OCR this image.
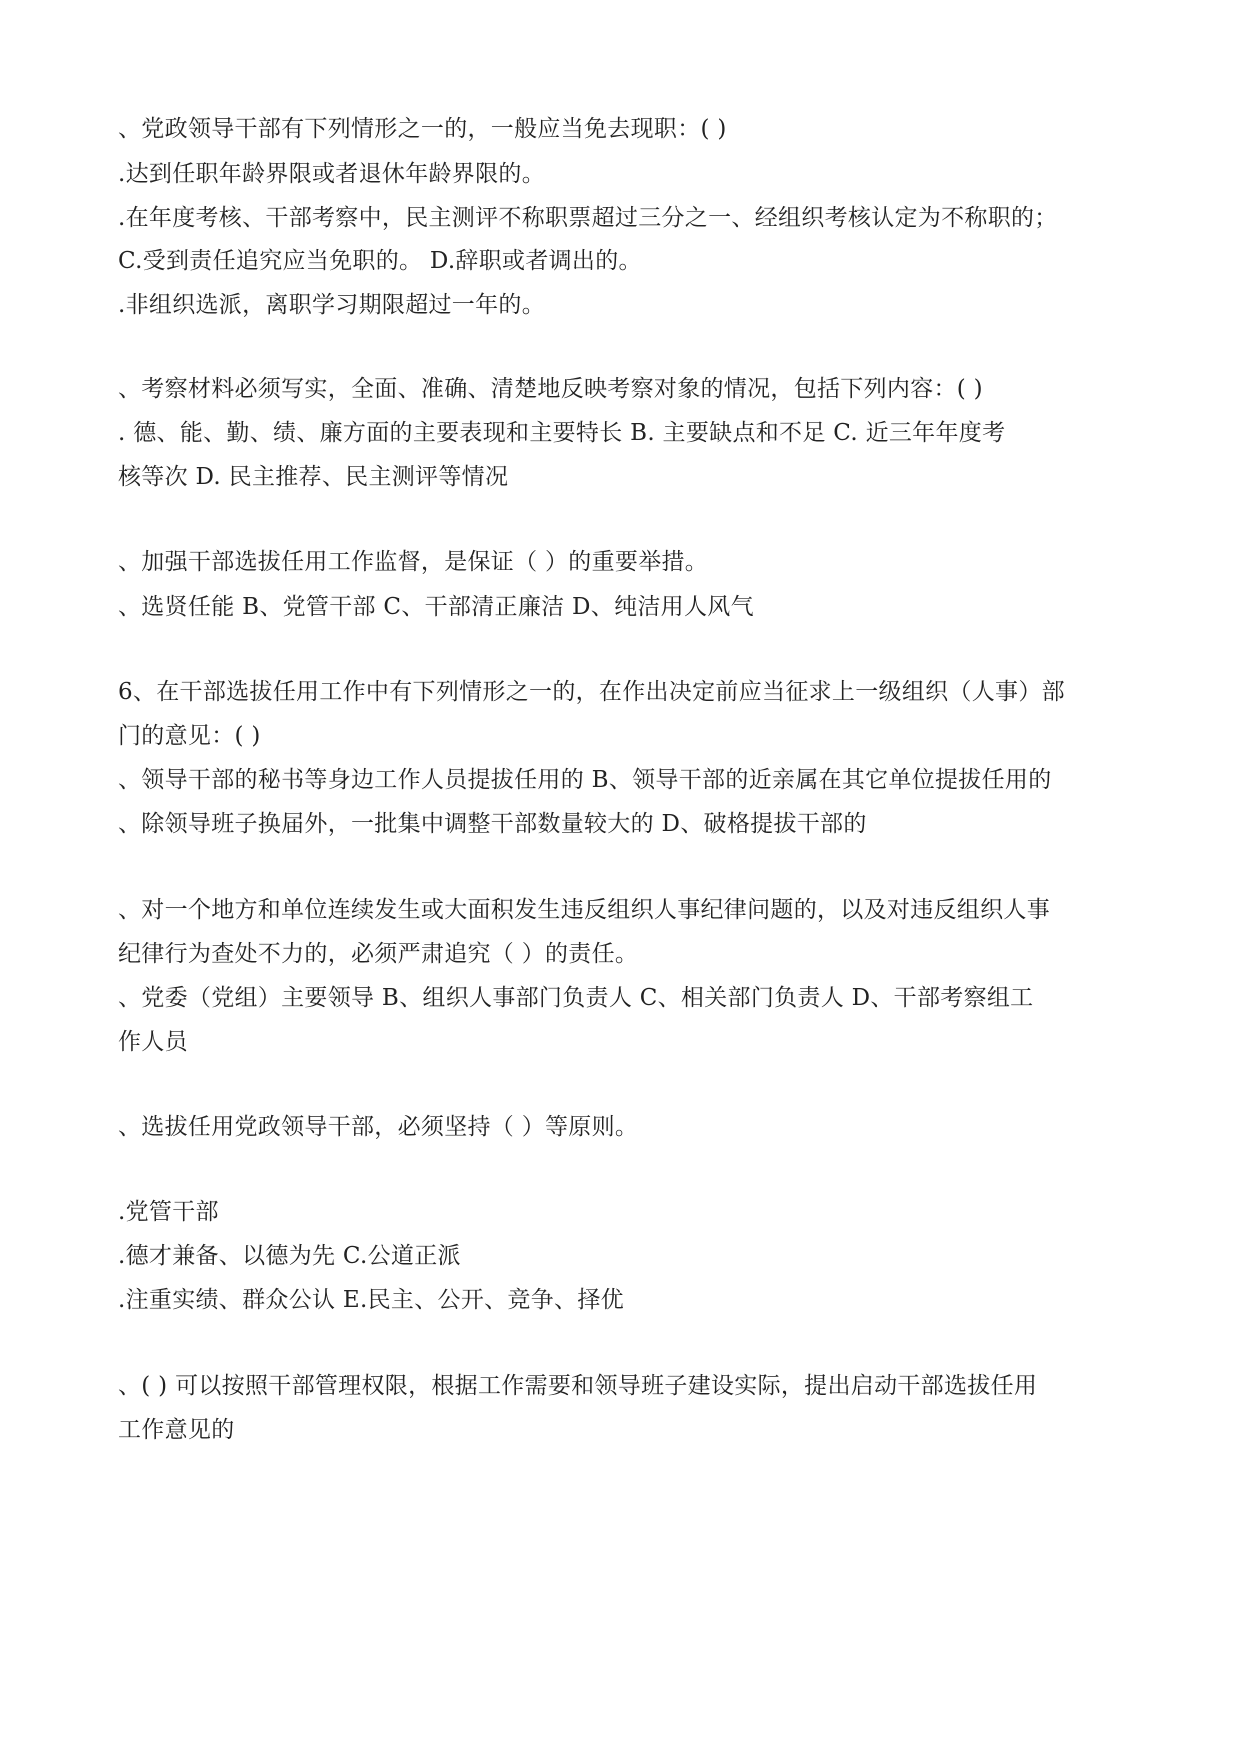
、党政领导干部有下列情形之一的，一般应当免去现职：( )
.达到任职年龄界限或者退休年龄界限的。
.在年度考核、干部考察中，民主测评不称职票超过三分之一、经组织考核认定为不称职的；
C.受到责任追究应当免职的。 D.辞职或者调出的。
.非组织选派，离职学习期限超过一年的。
、考察材料必须写实，全面、准确、清楚地反映考察对象的情况，包括下列内容：( )
. 德、能、勤、绩、廉方面的主要表现和主要特长 B. 主要缺点和不足 C. 近三年年度考
核等次 D. 民主推荐、民主测评等情况
、加强干部选拔任用工作监督，是保证（ ）的重要举措。
、选贤任能 B、党管干部 C、干部清正廉洁 D、纯洁用人风气
6、在干部选拔任用工作中有下列情形之一的，在作出决定前应当征求上一级组织（人事）部
门的意见：( )
、领导干部的秘书等身边工作人员提拔任用的 B、领导干部的近亲属在其它单位提拔任用的
、除领导班子换届外，一批集中调整干部数量较大的 D、破格提拔干部的
、对一个地方和单位连续发生或大面积发生违反组织人事纪律问题的，以及对违反组织人事
纪律行为查处不力的，必须严肃追究（ ）的责任。
、党委（党组）主要领导 B、组织人事部门负责人 C、相关部门负责人 D、干部考察组工
作人员
、选拔任用党政领导干部，必须坚持（ ）等原则。
.党管干部
.德才兼备、以德为先 C.公道正派
.注重实绩、群众公认 E.民主、公开、竞争、择优
、( ) 可以按照干部管理权限，根据工作需要和领导班子建设实际，提出启动干部选拔任用
工作意见的
